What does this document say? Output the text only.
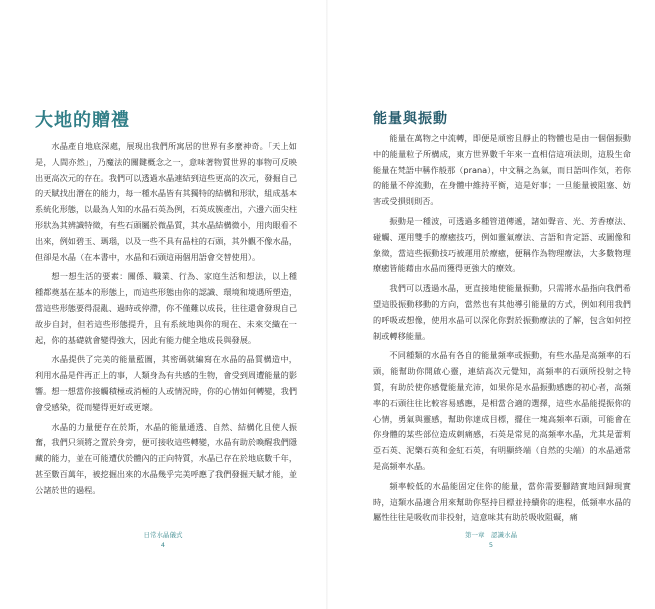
大地的贈禮

水晶產自地底深處，展現出我們所寓居的世界有多麼神奇。「天上如是，人間亦然」，乃魔法的關鍵概念之一，意味著物質世界的事物可反映出更高次元的存在。我們可以透過水晶連結到這些更高的次元，發掘自己的天賦找出潛在的能力，每一種水晶皆有其獨特的結構和形狀，組成基本系統化形態，以最為人知的水晶石英為例，石英成簇產出，六邊六面尖柱形狀為其辨識特徵，有些石頭屬於微晶質，其水晶結構微小，用肉眼看不出來，例如碧玉、瑪瑙，以及一些不具有晶柱的石頭，其外觀不像水晶，但卻是水晶（在本書中，水晶和石頭這兩個用語會交替使用）。

想一想生活的要素：關係、職業、行為、家庭生活和想法，以上種種都奠基在基本的形態上，而這些形態由你的認識、環境和境遇所塑造，當這些形態要得混亂、過時或停滯，你不僅難以成長，往往還會發現自己故步自封，但若這些形態提升，且有系統地與你的現在、未來交織在一起，你的基礎就會變得強大，因此有能力健全地成長與發展。

水晶提供了完美的能量藍圖，其密碼就編寫在水晶的晶質構造中，利用水晶是件再正上的事，人類身為有共感的生物，會受到周遭能量的影響。想一想當你接觸積極或消極的人或情況時，你的心情如何轉變，我們會受感染，從而變得更好或更壞。

水晶的力量便存在於斯，水晶的能量通透、自然、結構化且使人振奮，我們只須將之置於身旁，便可接收這些轉變，水晶有助於喚醒我們隱藏的能力，並在可能遭伏於體內的正向特質，水晶已存在於地底數千年，甚至數百萬年，被挖掘出來的水晶幾乎完美呼應了我們發掘天賦才能，並公諸於世的過程。

日常水晶儀式
4
能量與振動

能量在萬物之中流轉，即便是頑密且靜止的物體也是由一個個振動中的能量粒子所構成，東方世界數千年來一直相信這項法則，這股生命能量在梵語中稱作般那（prana），中文稱之為氣，而日語叫作気，若你的能量不停流動，在身體中維持平衡，這是好事；一旦能量被阻塞、妨害或受損則則否。

振動是一種波，可透過多種管道傳遞，諸如聲音、光、芳香療法、碰觸、運用雙手的療癒技巧，例如靈氣療法、言語和肯定語、或圖像和象徵，當這些振動技巧被運用於療癒，便稱作為物理療法，大多數物理療癒皆能藉由水晶而獲得更強大的療效。

我們可以透過水晶，更直接地使能量振動，只需將水晶指向我們希望這股振動移動的方向，當然也有其他導引能量的方式，例如利用我們的呼吸或想像，使用水晶可以深化你對於振動療法的了解，包含如何控制或轉移能量。

不同種類的水晶有各自的能量頻率或振動，有些水晶是高頻率的石頭，能幫助你開啟心靈，連結高次元覺知，高頻率的石頭所投射之特質，有助於使你感覺能量充沛，如果你是水晶振動感應的初心者，高頻率的石頭往往比較容易感應，是相當合適的選擇，這些水晶能提振你的心情，勇氣與靈感，幫助你達成目標，擺住一塊高頻率石頭，可能會在你身體的某些部位造成刺痛感，石英是常見的高頻率水晶，尤其是蕾莉亞石英、泥樂石英和金紅石英，有明顯終端（自然的尖端）的水晶通常是高頻率水晶。

頻率較低的水晶能固定住你的能量，當你需要腳踏實地回歸現實時，這類水晶適合用來幫助你堅持目標並持續你的進程，低頻率水晶的屬性往往是吸收而非投射，這意味其有助於吸收阻礙，痛

第一章　認識水晶
5
